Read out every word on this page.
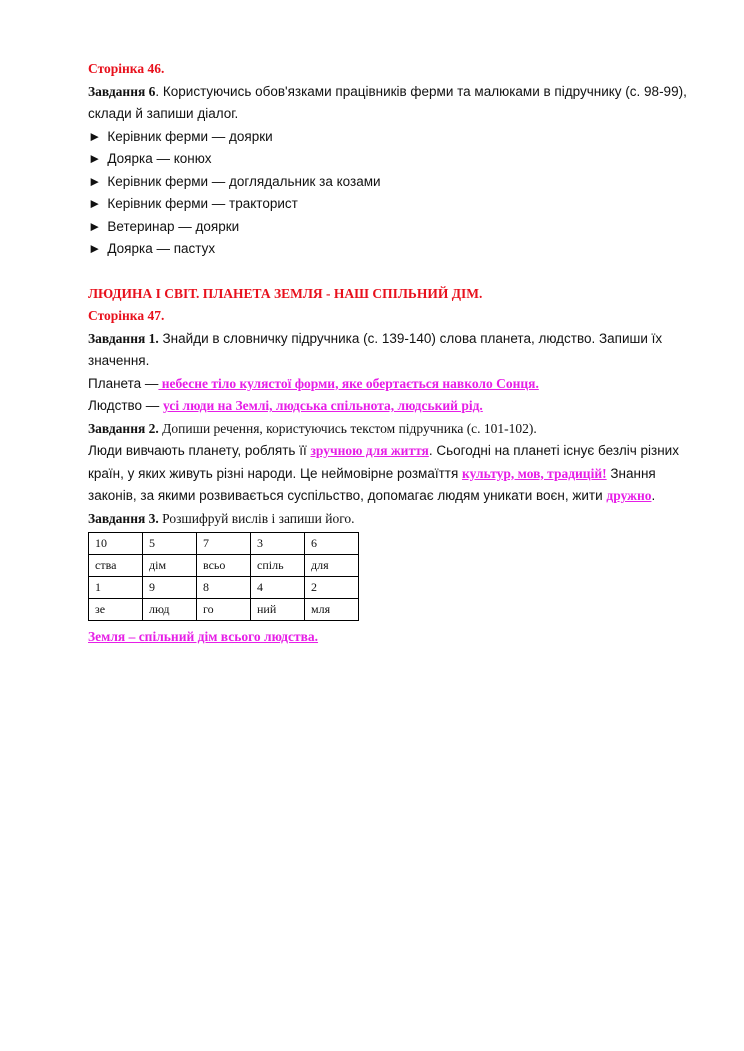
Сторінка 46.
Завдання 6. Користуючись обов'язками працівників ферми та малюками в підручнику (с. 98-99),
склади й запиши діалог.
► Керівник ферми — доярки
► Доярка — конюх
► Керівник ферми — доглядальник за козами
► Керівник ферми — тракторист
► Ветеринар — доярки
► Доярка — пастух
ЛЮДИНА І СВІТ. ПЛАНЕТА ЗЕМЛЯ - НАШ СПІЛЬНИЙ ДІМ.
Сторінка 47.
Завдання 1. Знайди в словничку підручника (с. 139-140) слова планета, людство. Запиши їх
значення.
Планета — небесне тіло кулястої форми, яке обертається навколо Сонця.
Людство — усі люди на Землі, людська спільнота, людський рід.
Завдання 2. Допиши речення, користуючись текстом підручника (с. 101-102).
Люди вивчають планету, роблять її зручною для життя. Сьогодні на планеті існує безліч різних
країн, у яких живуть різні народи. Це неймовірне розмаїття культур, мов, традицій! Знання
законів, за якими розвивається суспільство, допомагає людям уникати воєн, жити дружно.
Завдання 3. Розшифруй вислів і запиши його.
10	5	7	3	6
ства	дім	всьо	спіль	для
1	9	8	4	2
зе	люд	го	ний	мля
Земля – спільний дім всього людства.
